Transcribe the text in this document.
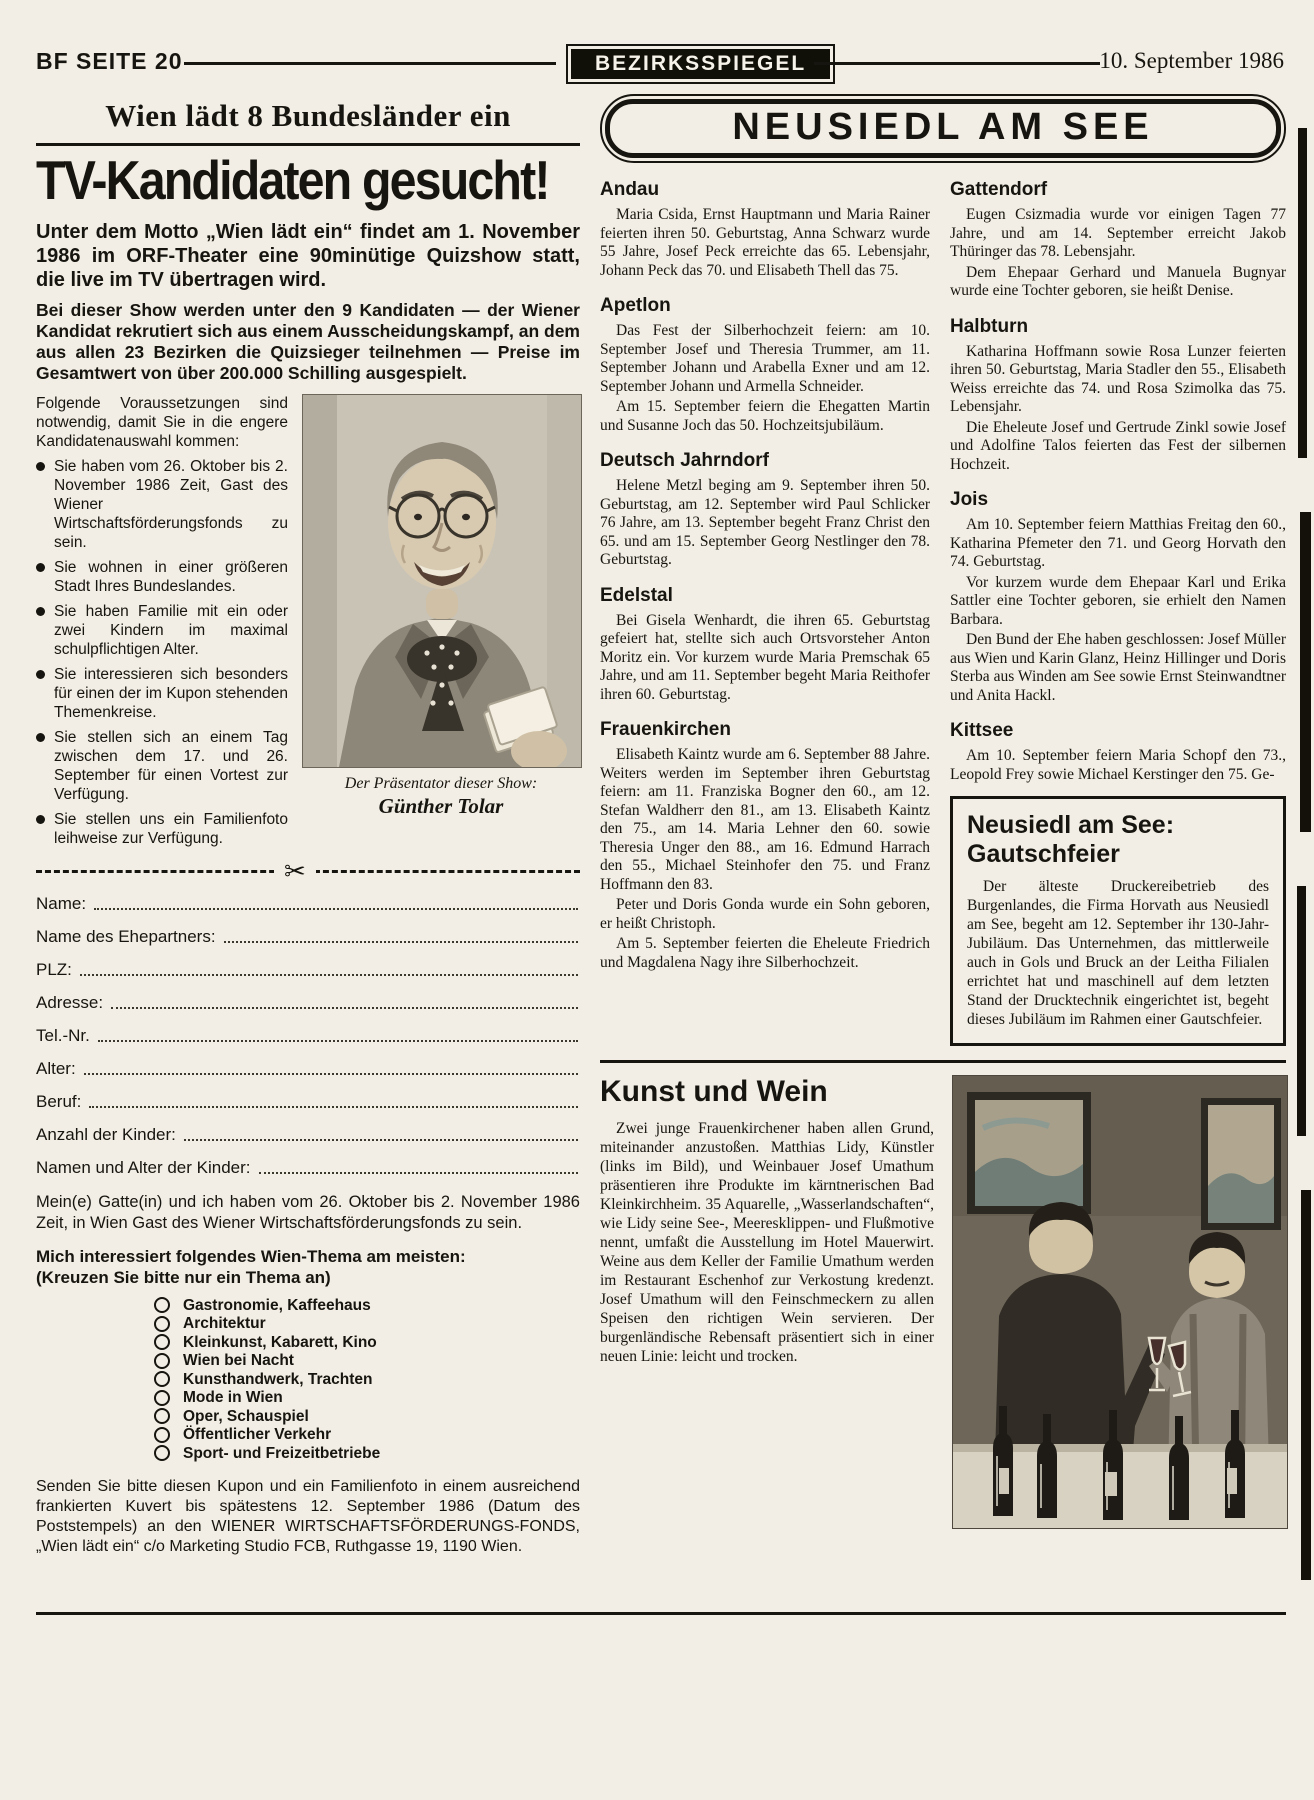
BF SEITE 20	BEZIRKSSPIEGEL	10. September 1986
Wien lädt 8 Bundesländer ein
TV-Kandidaten gesucht!

Unter dem Motto „Wien lädt ein“ findet am 1. November 1986 im ORF-Theater eine 90minütige Quizshow statt, die live im TV übertragen wird.

Bei dieser Show werden unter den 9 Kandidaten — der Wiener Kandidat rekrutiert sich aus einem Ausscheidungskampf, an dem aus allen 23 Bezirken die Quizsieger teilnehmen — Preise im Gesamtwert von über 200.000 Schilling ausgespielt.

Der Präsentator dieser Show:
Günther Tolar

Folgende Voraussetzungen sind notwendig, damit Sie in die engere Kandidatenauswahl kommen:

Sie haben vom 26. Oktober bis 2. November 1986 Zeit, Gast des Wiener Wirtschaftsförderungsfonds zu sein.
Sie wohnen in einer größeren Stadt Ihres Bundeslandes.
Sie haben Familie mit ein oder zwei Kindern im maximal schulpflichtigen Alter.
Sie interessieren sich besonders für einen der im Kupon stehenden Themenkreise.
Sie stellen sich an einem Tag zwischen dem 17. und 26. September für einen Vortest zur Verfügung.
Sie stellen uns ein Familienfoto leihweise zur Verfügung.
✂
Name:
Name des Ehepartners:
PLZ:
Adresse:
Tel.-Nr.
Alter:
Beruf:
Anzahl der Kinder:
Namen und Alter der Kinder:

Mein(e) Gatte(in) und ich haben vom 26. Oktober bis 2. November 1986 Zeit, in Wien Gast des Wiener Wirtschaftsförderungsfonds zu sein.

Mich interessiert folgendes Wien-Thema am meisten:
(Kreuzen Sie bitte nur ein Thema an)
Gastronomie, Kaffeehaus
Architektur
Kleinkunst, Kabarett, Kino
Wien bei Nacht
Kunsthandwerk, Trachten
Mode in Wien
Oper, Schauspiel
Öffentlicher Verkehr
Sport- und Freizeitbetriebe

Senden Sie bitte diesen Kupon und ein Familienfoto in einem ausreichend frankierten Kuvert bis spätestens 12. September 1986 (Datum des Poststempels) an den WIENER WIRTSCHAFTSFÖRDERUNGS-FONDS, „Wien lädt ein“ c/o Marketing Studio FCB, Ruthgasse 19, 1190 Wien.

NEUSIEDL AM SEE
Andau

Maria Csida, Ernst Hauptmann und Maria Rainer feierten ihren 50. Geburtstag, Anna Schwarz wurde 55 Jahre, Josef Peck erreichte das 65. Lebensjahr, Johann Peck das 70. und Elisabeth Thell das 75.

Apetlon

Das Fest der Silberhochzeit feiern: am 10. September Josef und Theresia Trummer, am 11. September Johann und Arabella Exner und am 12. September Johann und Armella Schneider.

Am 15. September feiern die Ehegatten Martin und Susanne Joch das 50. Hochzeitsjubiläum.

Deutsch Jahrndorf

Helene Metzl beging am 9. September ihren 50. Geburtstag, am 12. September wird Paul Schlicker 76 Jahre, am 13. September begeht Franz Christ den 65. und am 15. September Georg Nestlinger den 78. Geburtstag.

Edelstal

Bei Gisela Wenhardt, die ihren 65. Geburtstag gefeiert hat, stellte sich auch Ortsvorsteher Anton Moritz ein. Vor kurzem wurde Maria Premschak 65 Jahre, und am 11. September begeht Maria Reithofer ihren 60. Geburtstag.

Frauenkirchen

Elisabeth Kaintz wurde am 6. September 88 Jahre. Weiters werden im September ihren Geburtstag feiern: am 11. Franziska Bogner den 60., am 12. Stefan Waldherr den 81., am 13. Elisabeth Kaintz den 75., am 14. Maria Lehner den 60. sowie Theresia Unger den 88., am 16. Edmund Harrach den 55., Michael Steinhofer den 75. und Franz Hoffmann den 83.

Peter und Doris Gonda wurde ein Sohn geboren, er heißt Christoph.

Am 5. September feierten die Eheleute Friedrich und Magdalena Nagy ihre Silberhochzeit.

Gattendorf

Eugen Csizmadia wurde vor einigen Tagen 77 Jahre, und am 14. September erreicht Jakob Thüringer das 78. Lebensjahr.

Dem Ehepaar Gerhard und Manuela Bugnyar wurde eine Tochter geboren, sie heißt Denise.

Halbturn

Katharina Hoffmann sowie Rosa Lunzer feierten ihren 50. Geburtstag, Maria Stadler den 55., Elisabeth Weiss erreichte das 74. und Rosa Szimolka das 75. Lebensjahr.

Die Eheleute Josef und Gertrude Zinkl sowie Josef und Adolfine Talos feierten das Fest der silbernen Hochzeit.

Jois

Am 10. September feiern Matthias Freitag den 60., Katharina Pfemeter den 71. und Georg Horvath den 74. Geburtstag.

Vor kurzem wurde dem Ehepaar Karl und Erika Sattler eine Tochter geboren, sie erhielt den Namen Barbara.

Den Bund der Ehe haben geschlossen: Josef Müller aus Wien und Karin Glanz, Heinz Hillinger und Doris Sterba aus Winden am See sowie Ernst Steinwandtner und Anita Hackl.

Kittsee

Am 10. September feiern Maria Schopf den 73., Leopold Frey sowie Michael Kerstinger den 75. Ge-

Neusiedl am See:
Gautschfeier

Der älteste Druckereibetrieb des Burgenlandes, die Firma Horvath aus Neusiedl am See, begeht am 12. September ihr 130-Jahr-Jubiläum. Das Unternehmen, das mittlerweile auch in Gols und Bruck an der Leitha Filialen errichtet hat und maschinell auf dem letzten Stand der Drucktechnik eingerichtet ist, begeht dieses Jubiläum im Rahmen einer Gautschfeier.

Kunst und Wein

Zwei junge Frauenkirchener haben allen Grund, miteinander anzustoßen. Matthias Lidy, Künstler (links im Bild), und Weinbauer Josef Umathum präsentieren ihre Produkte im kärntnerischen Bad Kleinkirchheim. 35 Aquarelle, „Wasserlandschaften“, wie Lidy seine See-, Meeresklippen- und Flußmotive nennt, umfaßt die Ausstellung im Hotel Mauerwirt. Weine aus dem Keller der Familie Umathum werden im Restaurant Eschenhof zur Verkostung kredenzt. Josef Umathum will den Feinschmeckern zu allen Speisen den richtigen Wein servieren. Der burgenländische Rebensaft präsentiert sich in einer neuen Linie: leicht und trocken.
